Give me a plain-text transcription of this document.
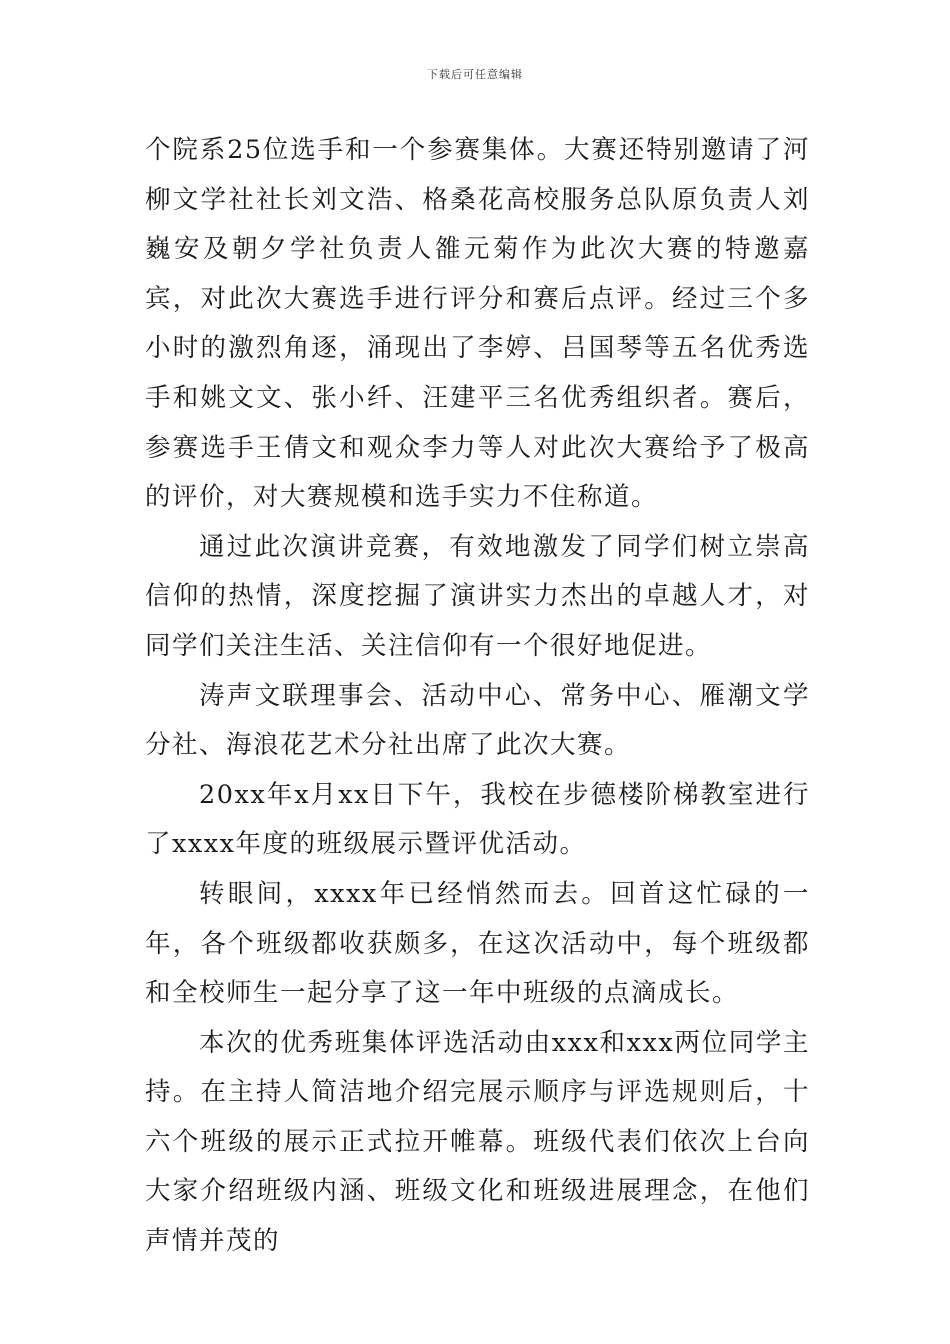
下载后可任意编辑

个院系25位选手和一个参赛集体。大赛还特别邀请了河柳文学社社长刘文浩、格桑花高校服务总队原负责人刘巍安及朝夕学社负责人雒元菊作为此次大赛的特邀嘉宾，对此次大赛选手进行评分和赛后点评。经过三个多小时的激烈角逐，涌现出了李婷、吕国琴等五名优秀选手和姚文文、张小纤、汪建平三名优秀组织者。赛后，参赛选手王倩文和观众李力等人对此次大赛给予了极高的评价，对大赛规模和选手实力不住称道。

通过此次演讲竞赛，有效地激发了同学们树立崇高信仰的热情，深度挖掘了演讲实力杰出的卓越人才，对同学们关注生活、关注信仰有一个很好地促进。

涛声文联理事会、活动中心、常务中心、雁潮文学分社、海浪花艺术分社出席了此次大赛。

20xx年x月xx日下午，我校在步德楼阶梯教室进行了xxxx年度的班级展示暨评优活动。

转眼间，xxxx年已经悄然而去。回首这忙碌的一年，各个班级都收获颇多，在这次活动中，每个班级都和全校师生一起分享了这一年中班级的点滴成长。

本次的优秀班集体评选活动由xxx和xxx两位同学主持。在主持人简洁地介绍完展示顺序与评选规则后，十六个班级的展示正式拉开帷幕。班级代表们依次上台向大家介绍班级内涵、班级文化和班级进展理念，在他们声情并茂的
